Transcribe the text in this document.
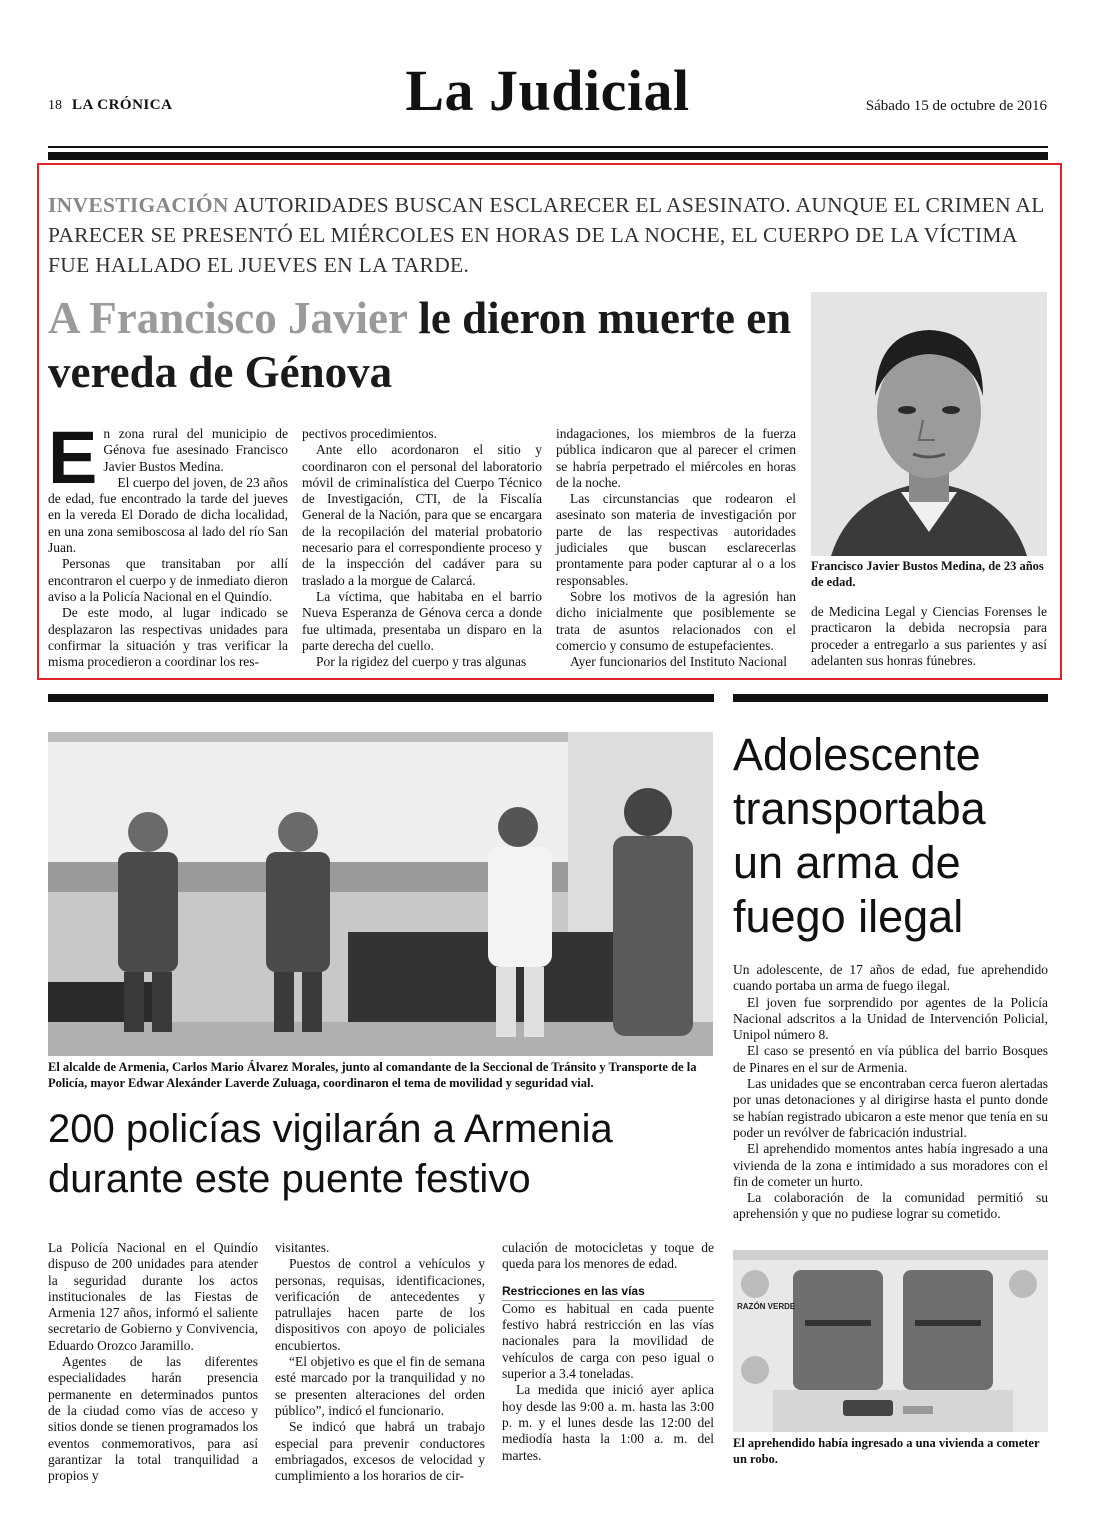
18 LA CRÓNICA	La Judicial	Sábado 15 de octubre de 2016
INVESTIGACIÓN AUTORIDADES BUSCAN ESCLARECER EL ASESINATO. AUNQUE EL CRIMEN AL PARECER SE PRESENTÓ EL MIÉRCOLES EN HORAS DE LA NOCHE, EL CUERPO DE LA VÍCTIMA FUE HALLADO EL JUEVES EN LA TARDE.
A Francisco Javier le dieron muerte en vereda de Génova
Francisco Javier Bustos Medina, de 23 años de edad.
E n zona rural del municipio de Génova fue asesinado Francisco Javier Bustos Medina.

El cuerpo del joven, de 23 años de edad, fue encontrado la tarde del jueves en la vereda El Dorado de dicha localidad, en una zona semiboscosa al lado del río San Juan.

Personas que transitaban por allí encontraron el cuerpo y de inmediato dieron aviso a la Policía Nacional en el Quindío.

De este modo, al lugar indicado se desplazaron las respectivas unidades para confirmar la situación y tras verificar la misma procedieron a coordinar los res-

pectivos procedimientos.

Ante ello acordonaron el sitio y coordinaron con el personal del laboratorio móvil de criminalística del Cuerpo Técnico de Investigación, CTI, de la Fiscalía General de la Nación, para que se encargara de la recopilación del material probatorio necesario para el correspondiente proceso y de la inspección del cadáver para su traslado a la morgue de Calarcá.

La víctima, que habitaba en el barrio Nueva Esperanza de Génova cerca a donde fue ultimada, presentaba un disparo en la parte derecha del cuello.

Por la rigidez del cuerpo y tras algunas

indagaciones, los miembros de la fuerza pública indicaron que al parecer el crimen se habría perpetrado el miércoles en horas de la noche.

Las circunstancias que rodearon el asesinato son materia de investigación por parte de las respectivas autoridades judiciales que buscan esclarecerlas prontamente para poder capturar al o a los responsables.

Sobre los motivos de la agresión han dicho inicialmente que posiblemente se trata de asuntos relacionados con el comercio y consumo de estupefacientes.

Ayer funcionarios del Instituto Nacional

de Medicina Legal y Ciencias Forenses le practicaron la debida necropsia para proceder a entregarlo a sus parientes y así adelanten sus honras fúnebres.

El alcalde de Armenia, Carlos Mario Álvarez Morales, junto al comandante de la Seccional de Tránsito y Transporte de la Policía, mayor Edwar Alexánder Laverde Zuluaga, coordinaron el tema de movilidad y seguridad vial.
200 policías vigilarán a Armenia durante este puente festivo

La Policía Nacional en el Quindío dispuso de 200 unidades para atender la seguridad durante los actos institucionales de las Fiestas de Armenia 127 años, informó el saliente secretario de Gobierno y Convivencia, Eduardo Orozco Jaramillo.

Agentes de las diferentes especialidades harán presencia permanente en determinados puntos de la ciudad como vías de acceso y sitios donde se tienen programados los eventos conmemorativos, para así garantizar la total tranquilidad a propios y

visitantes.

Puestos de control a vehículos y personas, requisas, identificaciones, verificación de antecedentes y patrullajes hacen parte de los dispositivos con apoyo de policiales encubiertos.

“El objetivo es que el fin de semana esté marcado por la tranquilidad y no se presenten alteraciones del orden público”, indicó el funcionario.

Se indicó que habrá un trabajo especial para prevenir conductores embriagados, excesos de velocidad y cumplimiento a los horarios de cir-

culación de motocicletas y toque de queda para los menores de edad.

Restricciones en las vías

Como es habitual en cada puente festivo habrá restricción en las vías nacionales para la movilidad de vehículos de carga con peso igual o superior a 3.4 toneladas.

La medida que inició ayer aplica hoy desde las 9:00 a. m. hasta las 3:00 p. m. y el lunes desde las 12:00 del mediodía hasta la 1:00 a. m. del martes.

Adolescente transportaba un arma de fuego ilegal

Un adolescente, de 17 años de edad, fue aprehendido cuando portaba un arma de fuego ilegal.

El joven fue sorprendido por agentes de la Policía Nacional adscritos a la Unidad de Intervención Policial, Unipol número 8.

El caso se presentó en vía pública del barrio Bosques de Pinares en el sur de Armenia.

Las unidades que se encontraban cerca fueron alertadas por unas detonaciones y al dirigirse hasta el punto donde se habían registrado ubicaron a este menor que tenía en su poder un revólver de fabricación industrial.

El aprehendido momentos antes había ingresado a una vivienda de la zona e intimidado a sus moradores con el fin de cometer un hurto.

La colaboración de la comunidad permitió su aprehensión y que no pudiese lograr su cometido.

RAZÓN VERDE
El aprehendido había ingresado a una vivienda a cometer un robo.
